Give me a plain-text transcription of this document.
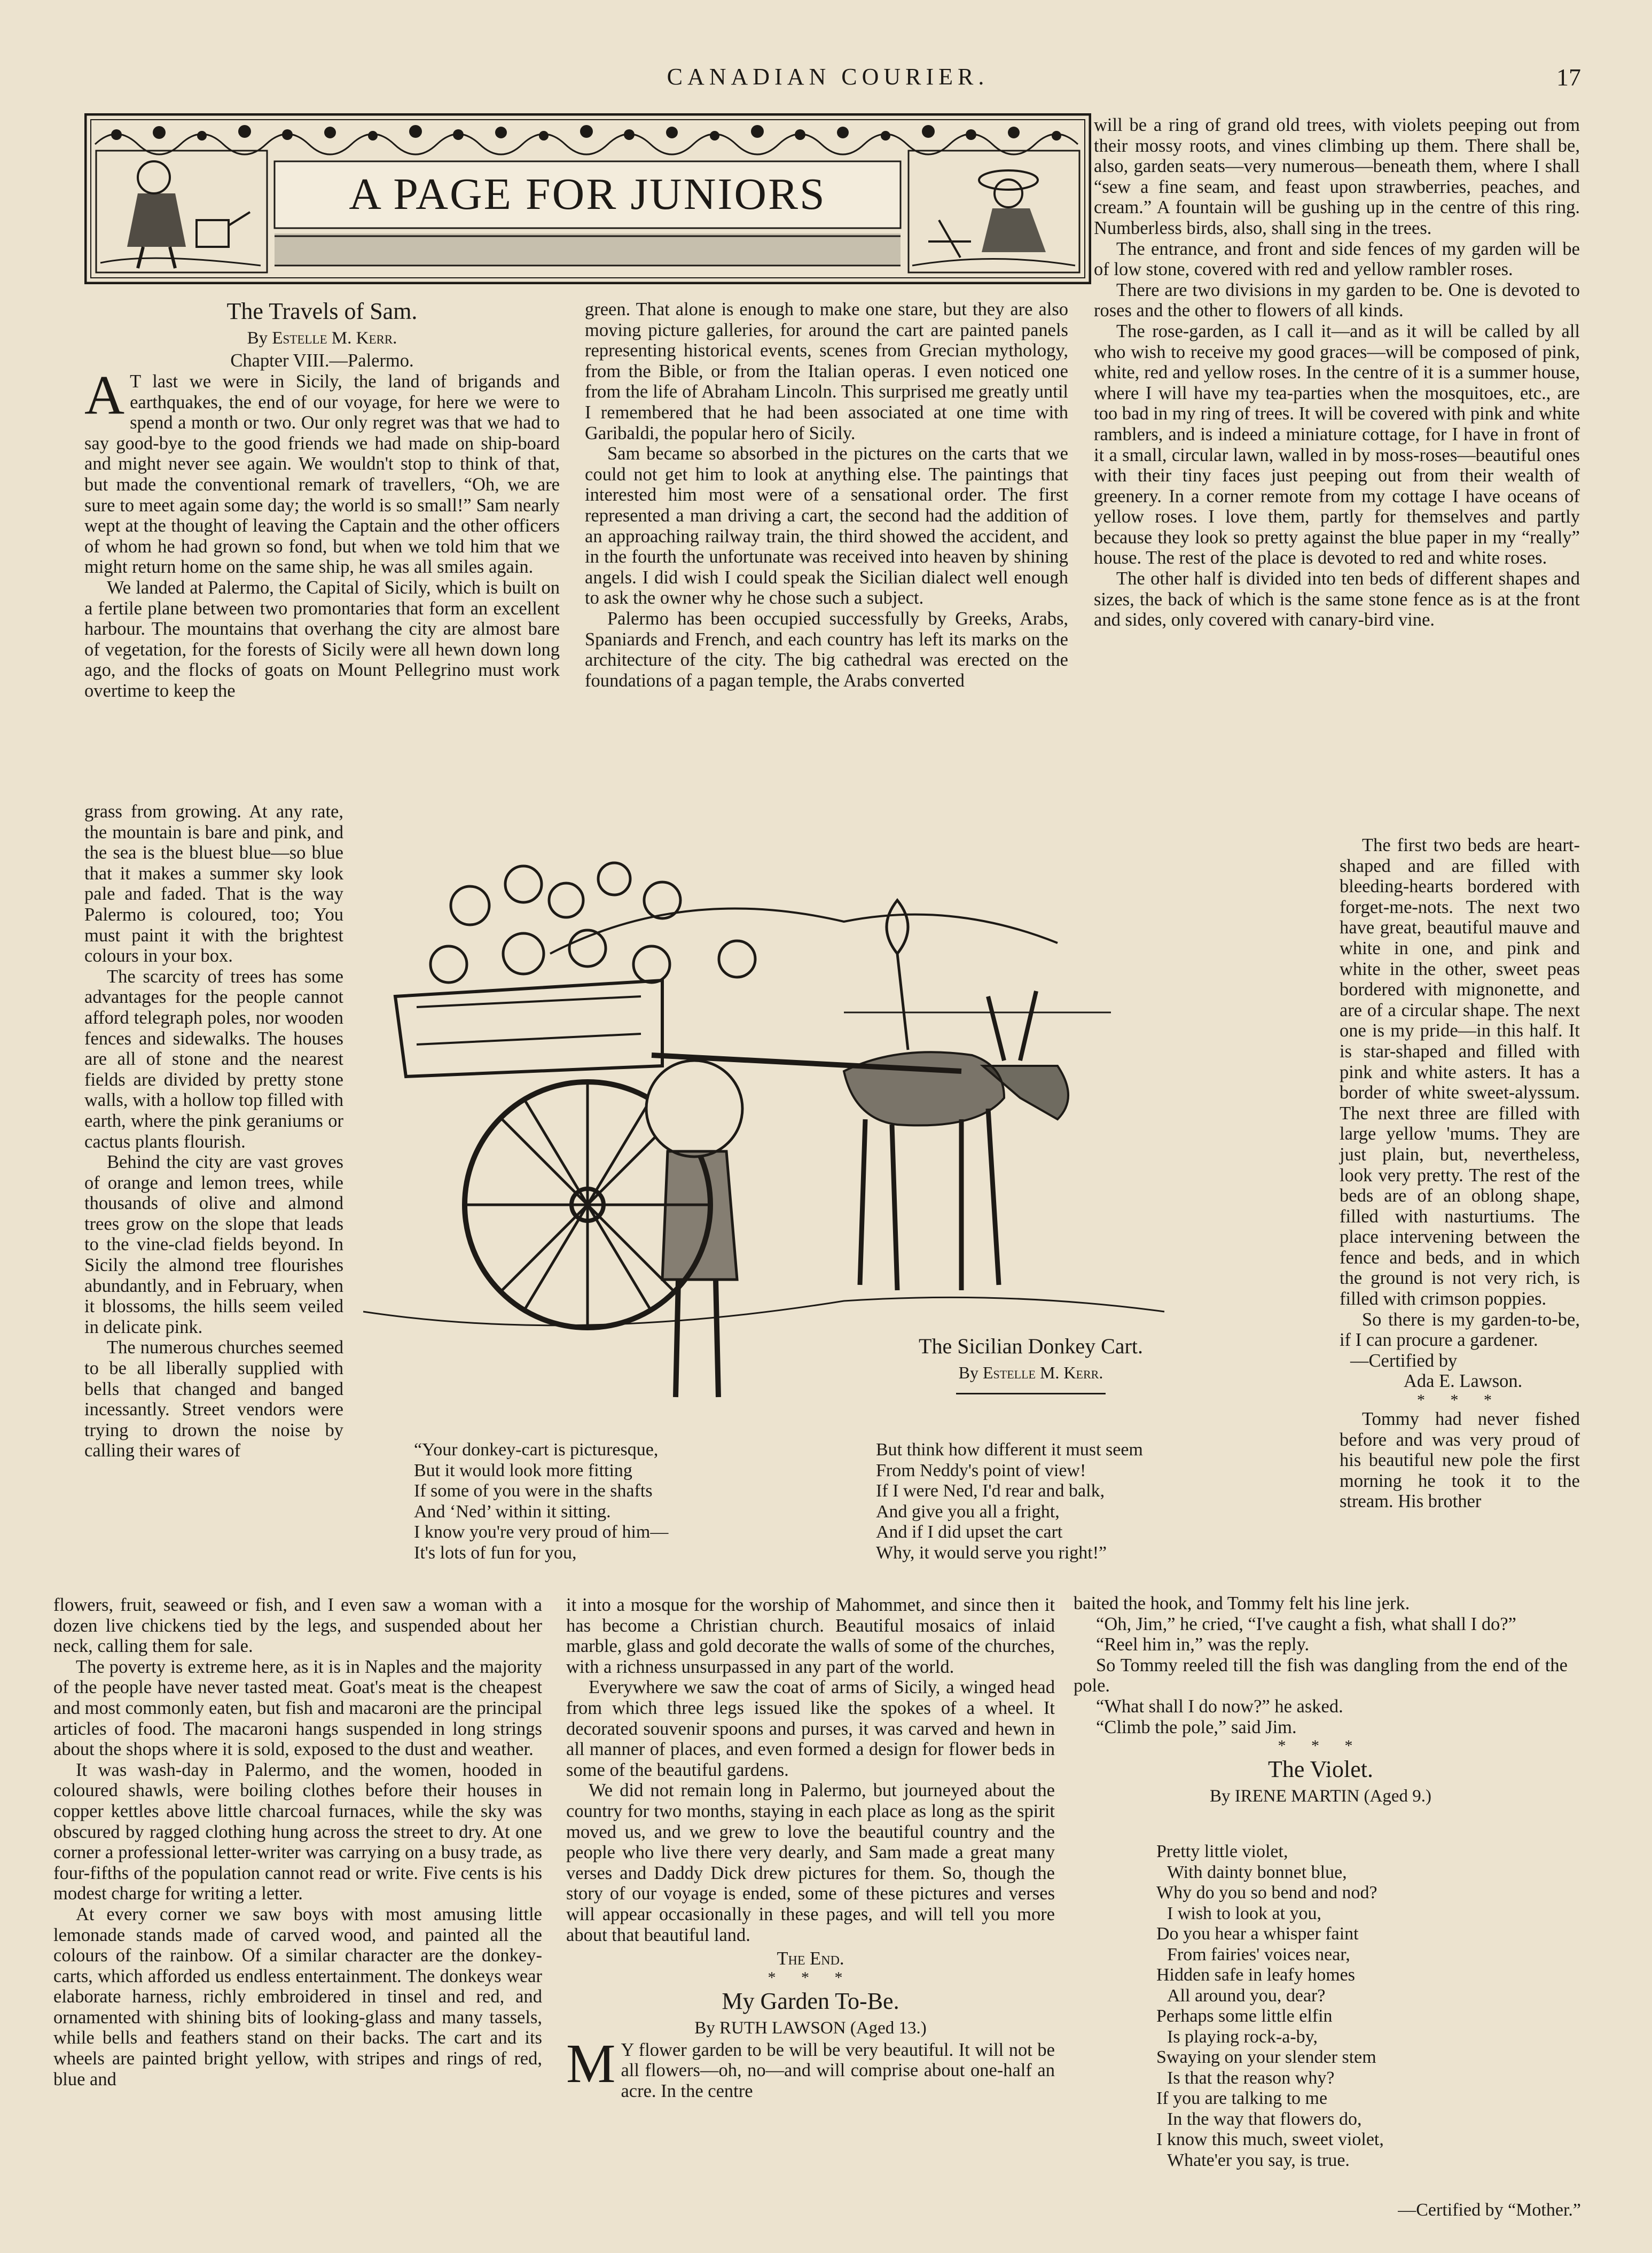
CANADIAN COURIER.	17
A PAGE FOR JUNIORS
The Travels of Sam.
By Estelle M. Kerr.
Chapter VIII.—Palermo.

A T last we were in Sicily, the land of brigands and earthquakes, the end of our voyage, for here we were to spend a month or two. Our only regret was that we had to say good-bye to the good friends we had made on ship-board and might never see again. We wouldn't stop to think of that, but made the conventional remark of travellers, “Oh, we are sure to meet again some day; the world is so small!” Sam nearly wept at the thought of leaving the Captain and the other officers of whom he had grown so fond, but when we told him that we might return home on the same ship, he was all smiles again.

We landed at Palermo, the Capital of Sicily, which is built on a fertile plane between two promontaries that form an excellent harbour. The mountains that overhang the city are almost bare of vegetation, for the forests of Sicily were all hewn down long ago, and the flocks of goats on Mount Pellegrino must work overtime to keep the

grass from growing. At any rate, the mountain is bare and pink, and the sea is the bluest blue—so blue that it makes a summer sky look pale and faded. That is the way Palermo is coloured, too; You must paint it with the brightest colours in your box.

The scarcity of trees has some advantages for the people cannot afford telegraph poles, nor wooden fences and sidewalks. The houses are all of stone and the nearest fields are divided by pretty stone walls, with a hollow top filled with earth, where the pink geraniums or cactus plants flourish.

Behind the city are vast groves of orange and lemon trees, while thousands of olive and almond trees grow on the slope that leads to the vine-clad fields beyond. In Sicily the almond tree flourishes abundantly, and in February, when it blossoms, the hills seem veiled in delicate pink.

The numerous churches seemed to be all liberally supplied with bells that changed and banged incessantly. Street vendors were trying to drown the noise by calling their wares of

flowers, fruit, seaweed or fish, and I even saw a woman with a dozen live chickens tied by the legs, and suspended about her neck, calling them for sale.

The poverty is extreme here, as it is in Naples and the majority of the people have never tasted meat. Goat's meat is the cheapest and most commonly eaten, but fish and macaroni are the principal articles of food. The macaroni hangs suspended in long strings about the shops where it is sold, exposed to the dust and weather.

It was wash-day in Palermo, and the women, hooded in coloured shawls, were boiling clothes before their houses in copper kettles above little charcoal furnaces, while the sky was obscured by ragged clothing hung across the street to dry. At one corner a professional letter-writer was carrying on a busy trade, as four-fifths of the population cannot read or write. Five cents is his modest charge for writing a letter.

At every corner we saw boys with most amusing little lemonade stands made of carved wood, and painted all the colours of the rainbow. Of a similar character are the donkey-carts, which afforded us endless entertainment. The donkeys wear elaborate harness, richly embroidered in tinsel and red, and ornamented with shining bits of looking-glass and many tassels, while bells and feathers stand on their backs. The cart and its wheels are painted bright yellow, with stripes and rings of red, blue and

green. That alone is enough to make one stare, but they are also moving picture galleries, for around the cart are painted panels representing historical events, scenes from Grecian mythology, from the Bible, or from the Italian operas. I even noticed one from the life of Abraham Lincoln. This surprised me greatly until I remembered that he had been associated at one time with Garibaldi, the popular hero of Sicily.

Sam became so absorbed in the pictures on the carts that we could not get him to look at anything else. The paintings that interested him most were of a sensational order. The first represented a man driving a cart, the second had the addition of an approaching railway train, the third showed the accident, and in the fourth the unfortunate was received into heaven by shining angels. I did wish I could speak the Sicilian dialect well enough to ask the owner why he chose such a subject.

Palermo has been occupied successfully by Greeks, Arabs, Spaniards and French, and each country has left its marks on the architecture of the city. The big cathedral was erected on the foundations of a pagan temple, the Arabs converted

it into a mosque for the worship of Mahommet, and since then it has become a Christian church. Beautiful mosaics of inlaid marble, glass and gold decorate the walls of some of the churches, with a richness unsurpassed in any part of the world.

Everywhere we saw the coat of arms of Sicily, a winged head from which three legs issued like the spokes of a wheel. It decorated souvenir spoons and purses, it was carved and hewn in all manner of places, and even formed a design for flower beds in some of the beautiful gardens.

We did not remain long in Palermo, but journeyed about the country for two months, staying in each place as long as the spirit moved us, and we grew to love the beautiful country and the people who live there very dearly, and Sam made a great many verses and Daddy Dick drew pictures for them. So, though the story of our voyage is ended, some of these pictures and verses will appear occasionally in these pages, and will tell you more about that beautiful land.

The End.
* * *
My Garden To-Be.
By RUTH LAWSON (Aged 13.)

M Y flower garden to be will be very beautiful. It will not be all flowers—oh, no—and will comprise about one-half an acre. In the centre

The Sicilian Donkey Cart.
By Estelle M. Kerr.
“Your donkey-cart is picturesque,
But it would look more fitting
If some of you were in the shafts
And ‘Ned’ within it sitting.
I know you're very proud of him—
It's lots of fun for you,
But think how different it must seem
From Neddy's point of view!
If I were Ned, I'd rear and balk,
And give you all a fright,
And if I did upset the cart
Why, it would serve you right!”

will be a ring of grand old trees, with violets peeping out from their mossy roots, and vines climbing up them. There shall be, also, garden seats—very numerous—beneath them, where I shall “sew a fine seam, and feast upon strawberries, peaches, and cream.” A fountain will be gushing up in the centre of this ring. Numberless birds, also, shall sing in the trees.

The entrance, and front and side fences of my garden will be of low stone, covered with red and yellow rambler roses.

There are two divisions in my garden to be. One is devoted to roses and the other to flowers of all kinds.

The rose-garden, as I call it—and as it will be called by all who wish to receive my good graces—will be composed of pink, white, red and yellow roses. In the centre of it is a summer house, where I will have my tea-parties when the mosquitoes, etc., are too bad in my ring of trees. It will be covered with pink and white ramblers, and is indeed a miniature cottage, for I have in front of it a small, circular lawn, walled in by moss-roses—beautiful ones with their tiny faces just peeping out from their wealth of greenery. In a corner remote from my cottage I have oceans of yellow roses. I love them, partly for themselves and partly because they look so pretty against the blue paper in my “really” house. The rest of the place is devoted to red and white roses.

The other half is divided into ten beds of different shapes and sizes, the back of which is the same stone fence as is at the front and sides, only covered with canary-bird vine.

The first two beds are heart-shaped and are filled with bleeding-hearts bordered with forget-me-nots. The next two have great, beautiful mauve and white in one, and pink and white in the other, sweet peas bordered with mignonette, and are of a circular shape. The next one is my pride—in this half. It is star-shaped and filled with pink and white asters. It has a border of white sweet-alyssum. The next three are filled with large yellow 'mums. They are just plain, but, nevertheless, look very pretty. The rest of the beds are of an oblong shape, filled with nasturtiums. The place intervening between the fence and beds, and in which the ground is not very rich, is filled with crimson poppies.

So there is my garden-to-be, if I can procure a gardener.

—Certified by
Ada E. Lawson.
* * *

Tommy had never fished before and was very proud of his beautiful new pole the first morning he took it to the stream. His brother

baited the hook, and Tommy felt his line jerk.

“Oh, Jim,” he cried, “I've caught a fish, what shall I do?”

“Reel him in,” was the reply.

So Tommy reeled till the fish was dangling from the end of the pole.

“What shall I do now?” he asked.

“Climb the pole,” said Jim.

* * *
The Violet.
By IRENE MARTIN (Aged 9.)
Pretty little violet,
With dainty bonnet blue,
Why do you so bend and nod?
I wish to look at you,
Do you hear a whisper faint
From fairies' voices near,
Hidden safe in leafy homes
All around you, dear?
Perhaps some little elfin
Is playing rock-a-by,
Swaying on your slender stem
Is that the reason why?
If you are talking to me
In the way that flowers do,
I know this much, sweet violet,
Whate'er you say, is true.
—Certified by “Mother.”
